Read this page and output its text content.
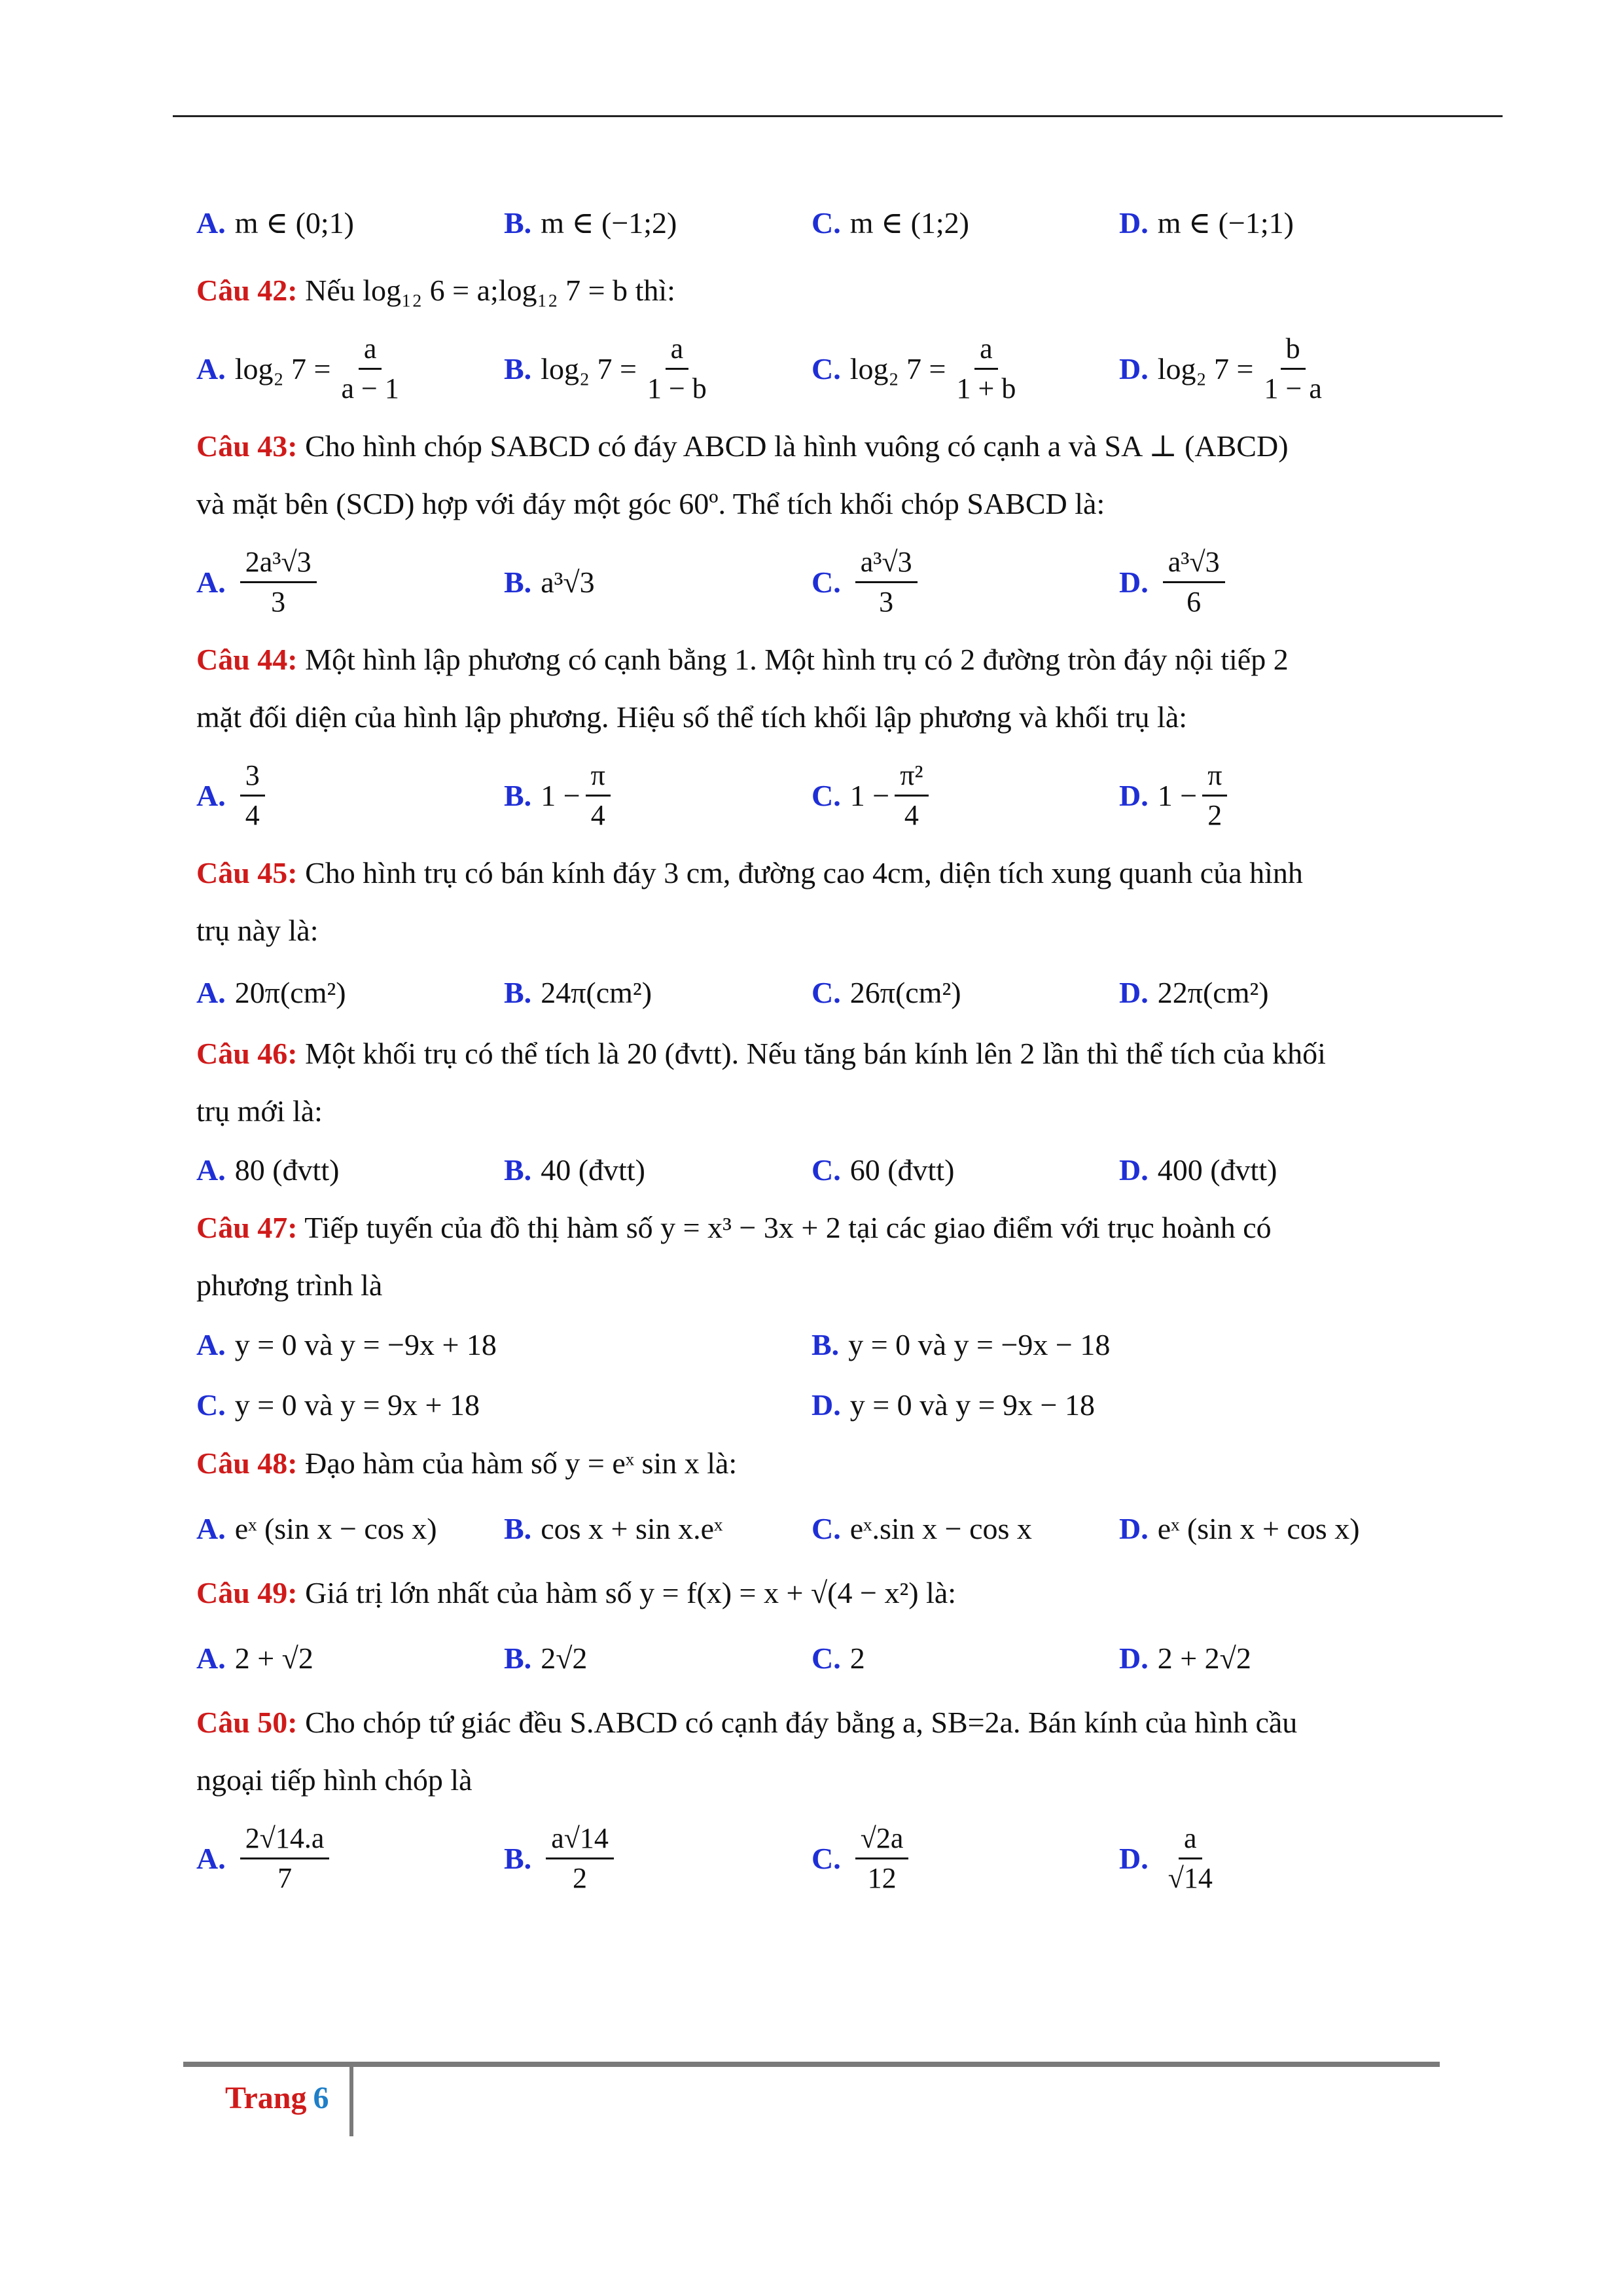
A. m ∈ (0;1)	B. m ∈ (−1;2)	C. m ∈ (1;2)	D. m ∈ (−1;1)
Câu 42: Nếu log₁₂ 6 = a;log₁₂ 7 = b thì:
A. log₂ $7 = \frac{a}{a - 1}$	B. log₂ $7 = \frac{a}{1 - b}$	C. log₂ $7 = \frac{a}{1 + b}$	D. log₂ $7 = \frac{b}{1 - a}$
Câu 43: Cho hình chóp SABCD có đáy ABCD là hình vuông có cạnh a và SA ⊥ (ABCD)
và mặt bên (SCD) hợp với đáy một góc 60º. Thể tích khối chóp SABCD là:
A. $\frac{\text{2a³√3}}{3}$	B. a³√3	C. $\frac{\text{a³√3}}{3}$	D. $\frac{\text{a³√3}}{6}$
Câu 44: Một hình lập phương có cạnh bằng 1. Một hình trụ có 2 đường tròn đáy nội tiếp 2
mặt đối diện của hình lập phương. Hiệu số thể tích khối lập phương và khối trụ là:
A. $\frac{3}{4}$	B. $1 - \frac{\pi}{4}$	C. $1 - \frac{\text{π²}}{4}$	D. $1 - \frac{\pi}{2}$
Câu 45: Cho hình trụ có bán kính đáy 3 cm, đường cao 4cm, diện tích xung quanh của hình
trụ này là:
A. 20π(cm²)	B. 24π(cm²)	C. 26π(cm²)	D. 22π(cm²)
Câu 46: Một khối trụ có thể tích là 20 (đvtt). Nếu tăng bán kính lên 2 lần thì thể tích của khối
trụ mới là:
A. 80 (đvtt)	B. 40 (đvtt)	C. 60 (đvtt)	D. 400 (đvtt)
Câu 47: Tiếp tuyến của đồ thị hàm số y = x³ − 3x + 2 tại các giao điểm với trục hoành có
phương trình là
A. y = 0 và y = −9x + 18	B. y = 0 và y = −9x − 18
C. y = 0 và y = 9x + 18	D. y = 0 và y = 9x − 18
Câu 48: Đạo hàm của hàm số y = eˣ sin x là:
A. eˣ (sin x − cos x) B. cos x + sin x.eˣ	C. eˣ.sin x − cos x	D. eˣ (sin x + cos x)
Câu 49: Giá trị lớn nhất của hàm số y = f(x) = x + √(4 − x²) là:
A. 2 + √2	B. 2√2	C. 2	D. 2 + 2√2
Câu 50: Cho chóp tứ giác đều S.ABCD có cạnh đáy bằng a, SB=2a. Bán kính của hình cầu
ngoại tiếp hình chóp là
A. $\frac{2√14.a}{7}$	B. $\frac{a√14}{2}$	C. $\frac{√2a}{12}$	D. $\frac{a}{√14}$
Trang 6
